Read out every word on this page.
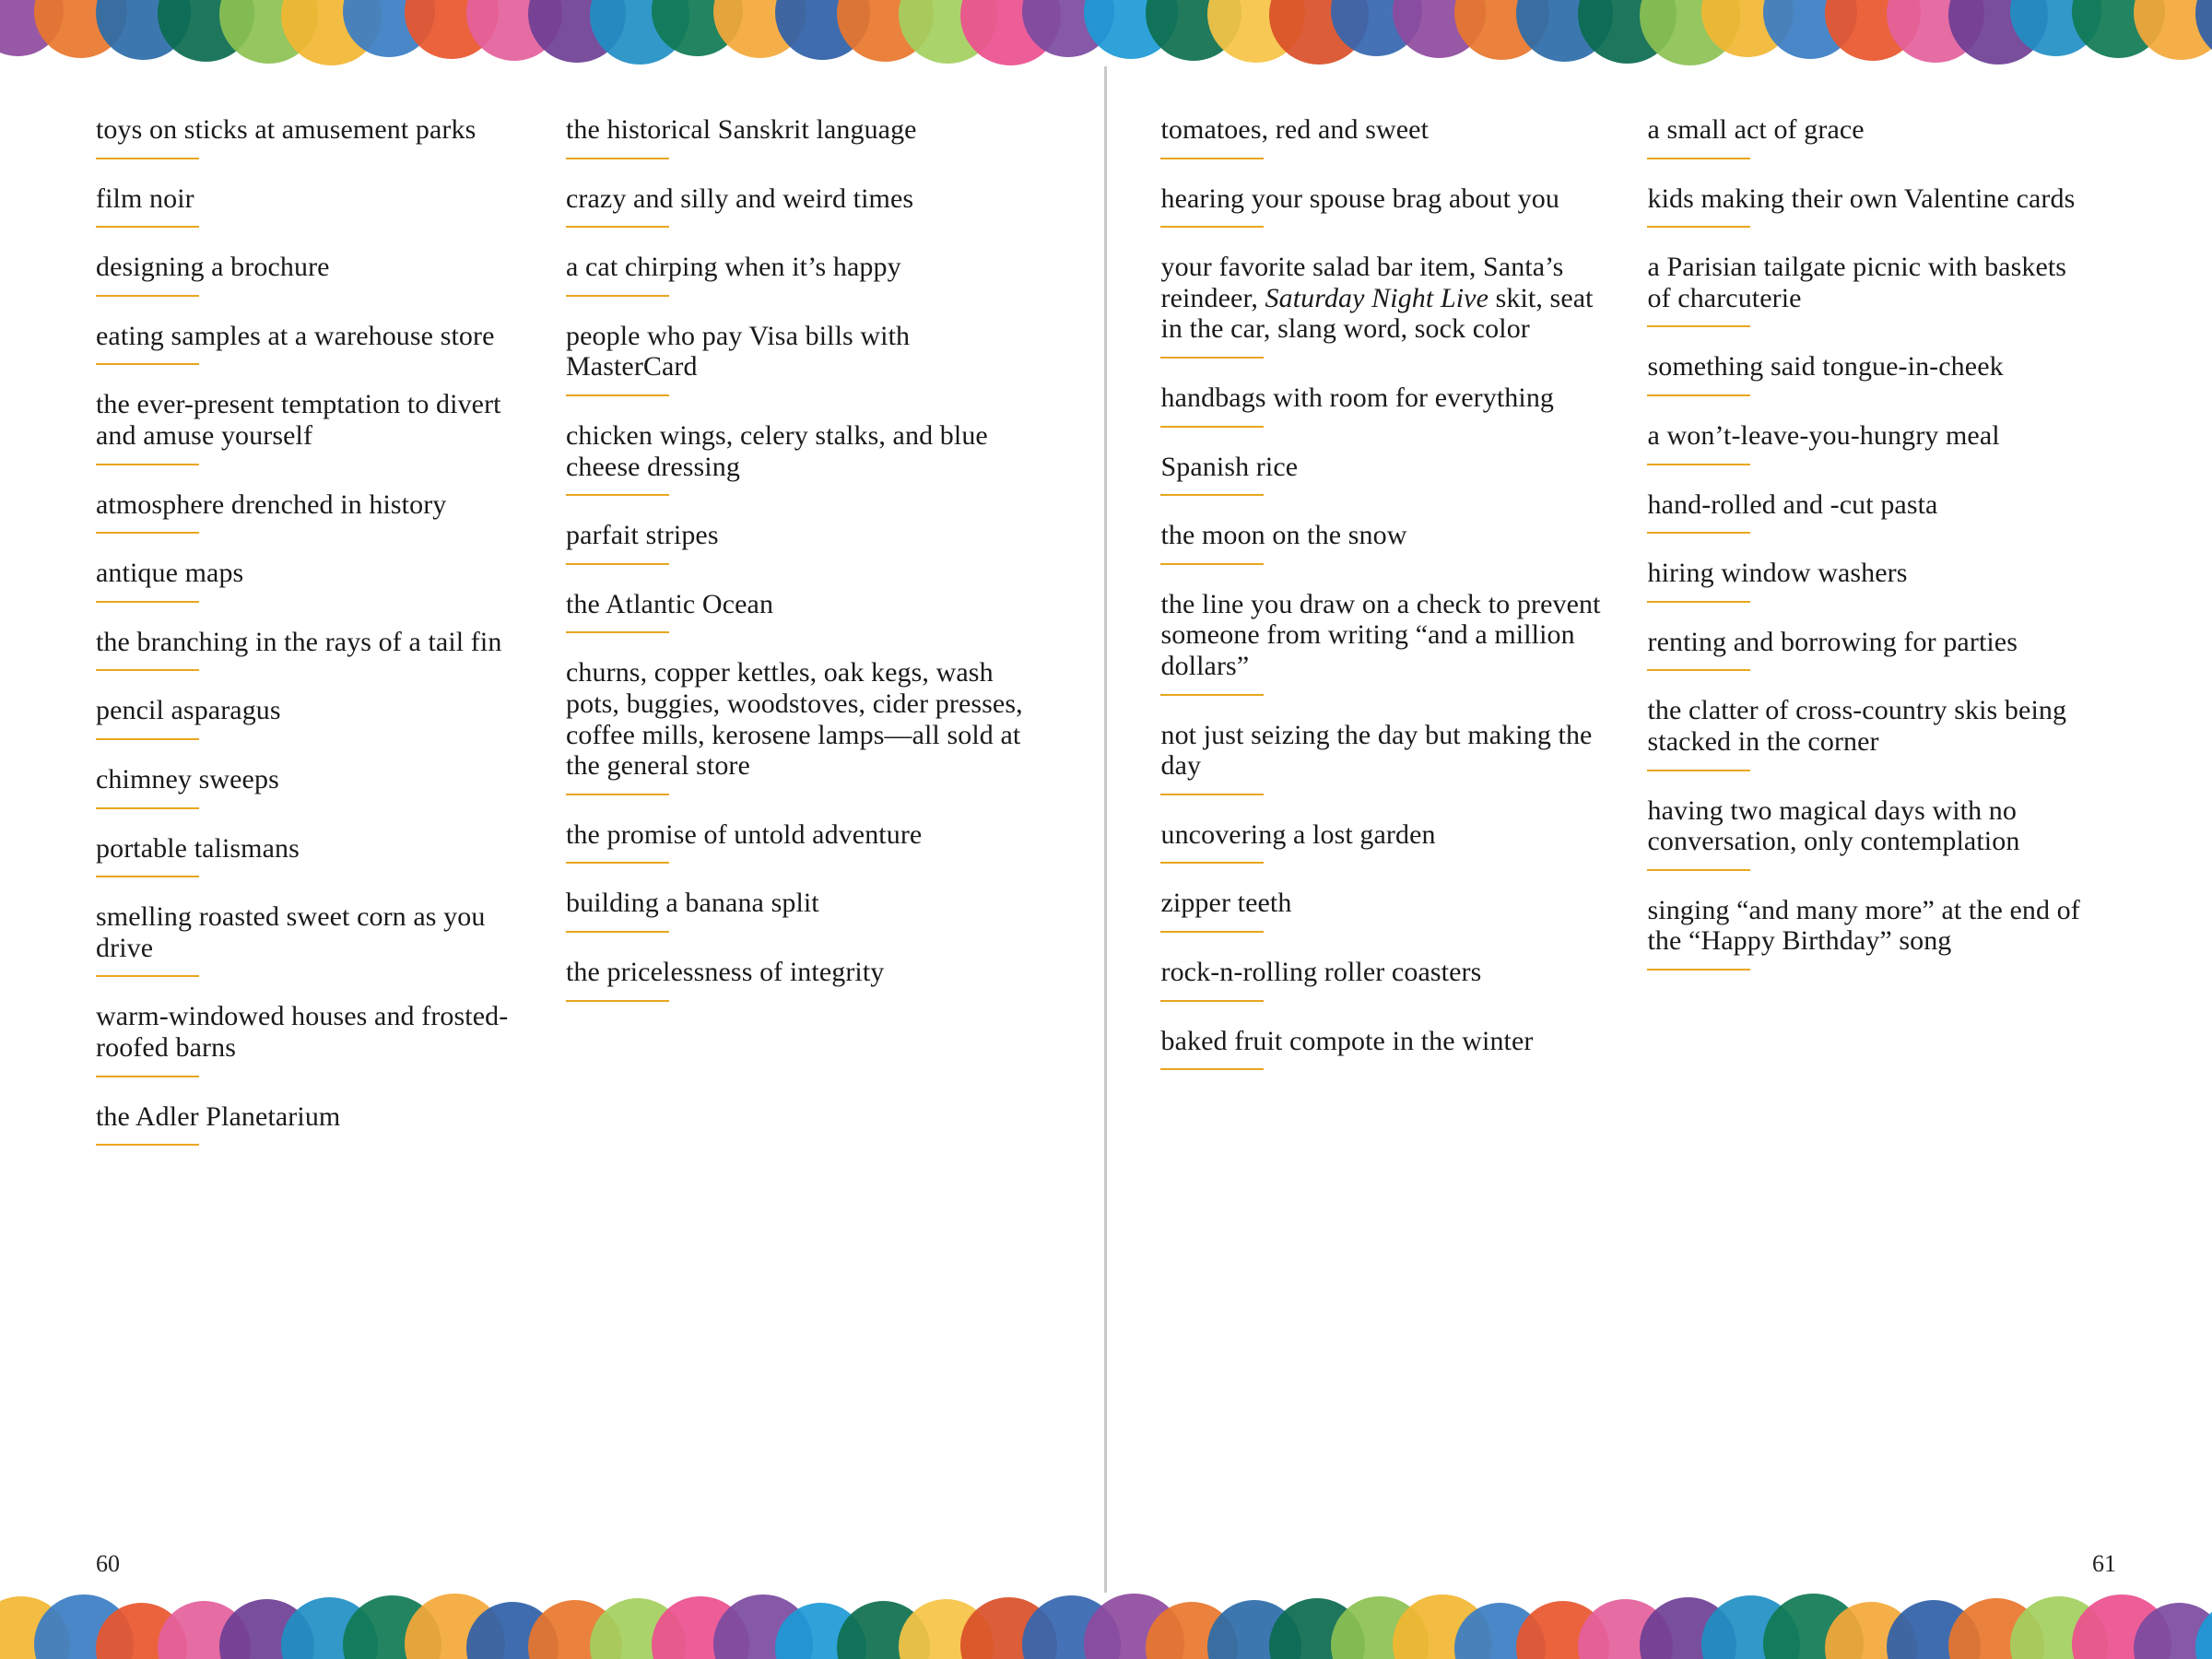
toys on sticks at amusement parks
film noir
designing a brochure
eating samples at a warehouse store
the ever-present temptation to divert and amuse yourself
atmosphere drenched in history
antique maps
the branching in the rays of a tail fin
pencil asparagus
chimney sweeps
portable talismans
smelling roasted sweet corn as you drive
warm-windowed houses and frosted-roofed barns
the Adler Planetarium
the historical Sanskrit language
crazy and silly and weird times
a cat chirping when it’s happy
people who pay Visa bills with MasterCard
chicken wings, celery stalks, and blue cheese dressing
parfait stripes
the Atlantic Ocean
churns, copper kettles, oak kegs, wash pots, buggies, woodstoves, cider presses, coffee mills, kerosene lamps—all sold at the general store
the promise of untold adventure
building a banana split
the pricelessness of integrity
60
tomatoes, red and sweet
hearing your spouse brag about you
your favorite salad bar item, Santa’s reindeer, Saturday Night Live skit, seat in the car, slang word, sock color
handbags with room for everything
Spanish rice
the moon on the snow
the line you draw on a check to prevent someone from writing “and a million dollars”
not just seizing the day but making the day
uncovering a lost garden
zipper teeth
rock-n-rolling roller coasters
baked fruit compote in the winter
a small act of grace
kids making their own Valentine cards
a Parisian tailgate picnic with baskets of charcuterie
something said tongue-in-cheek
a won’t-leave-you-hungry meal
hand-rolled and -cut pasta
hiring window washers
renting and borrowing for parties
the clatter of cross-country skis being stacked in the corner
having two magical days with no conversation, only contemplation
singing “and many more” at the end of the “Happy Birthday” song
61
